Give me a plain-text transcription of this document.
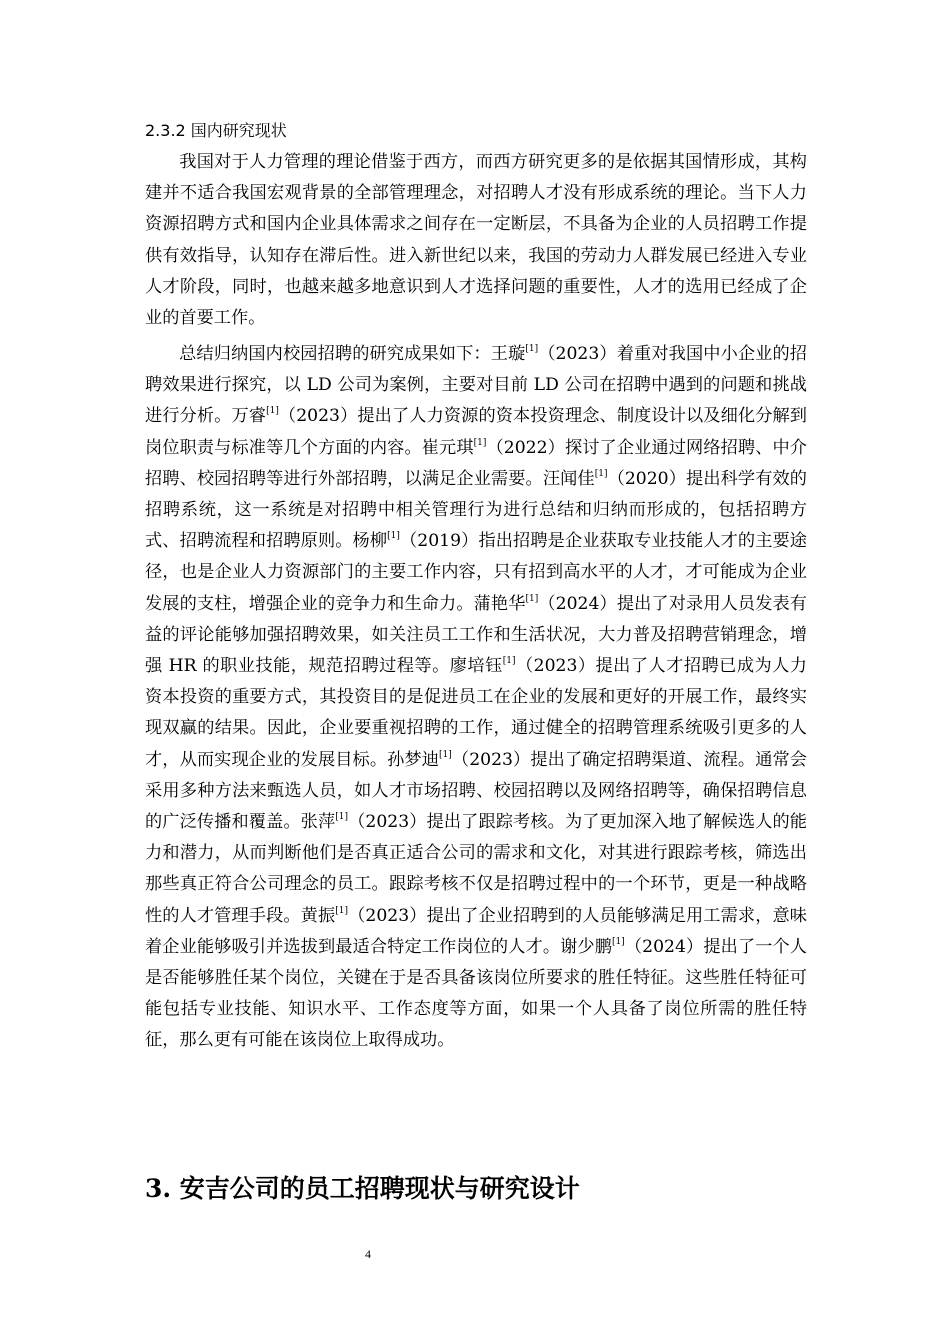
2.3.2 国内研究现状

我国对于人力管理的理论借鉴于西方，而西方研究更多的是依据其国情形成，其构建并不适合我国宏观背景的全部管理理念，对招聘人才没有形成系统的理论。当下人力资源招聘方式和国内企业具体需求之间存在一定断层，不具备为企业的人员招聘工作提供有效指导，认知存在滞后性。进入新世纪以来，我国的劳动力人群发展已经进入专业人才阶段，同时，也越来越多地意识到人才选择问题的重要性，人才的选用已经成了企业的首要工作。

总结归纳国内校园招聘的研究成果如下：王璇[1]（2023）着重对我国中小企业的招聘效果进行探究，以 LD 公司为案例，主要对目前 LD 公司在招聘中遇到的问题和挑战进行分析。万睿[1]（2023）提出了人力资源的资本投资理念、制度设计以及细化分解到岗位职责与标准等几个方面的内容。崔元琪[1]（2022）探讨了企业通过网络招聘、中介招聘、校园招聘等进行外部招聘，以满足企业需要。汪闻佳[1]（2020）提出科学有效的招聘系统，这一系统是对招聘中相关管理行为进行总结和归纳而形成的，包括招聘方式、招聘流程和招聘原则。杨柳[1]（2019）指出招聘是企业获取专业技能人才的主要途径，也是企业人力资源部门的主要工作内容，只有招到高水平的人才，才可能成为企业发展的支柱，增强企业的竞争力和生命力。蒲艳华[1]（2024）提出了对录用人员发表有益的评论能够加强招聘效果，如关注员工工作和生活状况，大力普及招聘营销理念，增强 HR 的职业技能，规范招聘过程等。廖培钰[1]（2023）提出了人才招聘已成为人力资本投资的重要方式，其投资目的是促进员工在企业的发展和更好的开展工作，最终实现双赢的结果。因此，企业要重视招聘的工作，通过健全的招聘管理系统吸引更多的人才，从而实现企业的发展目标。孙梦迪[1]（2023）提出了确定招聘渠道、流程。通常会采用多种方法来甄选人员，如人才市场招聘、校园招聘以及网络招聘等，确保招聘信息的广泛传播和覆盖。张萍[1]（2023）提出了跟踪考核。为了更加深入地了解候选人的能力和潜力，从而判断他们是否真正适合公司的需求和文化，对其进行跟踪考核，筛选出那些真正符合公司理念的员工。跟踪考核不仅是招聘过程中的一个环节，更是一种战略性的人才管理手段。黄振[1]（2023）提出了企业招聘到的人员能够满足用工需求，意味着企业能够吸引并选拔到最适合特定工作岗位的人才。谢少鹏[1]（2024）提出了一个人是否能够胜任某个岗位，关键在于是否具备该岗位所要求的胜任特征。这些胜任特征可能包括专业技能、知识水平、工作态度等方面，如果一个人具备了岗位所需的胜任特征，那么更有可能在该岗位上取得成功。

3. 安吉公司的员工招聘现状与研究设计
4
